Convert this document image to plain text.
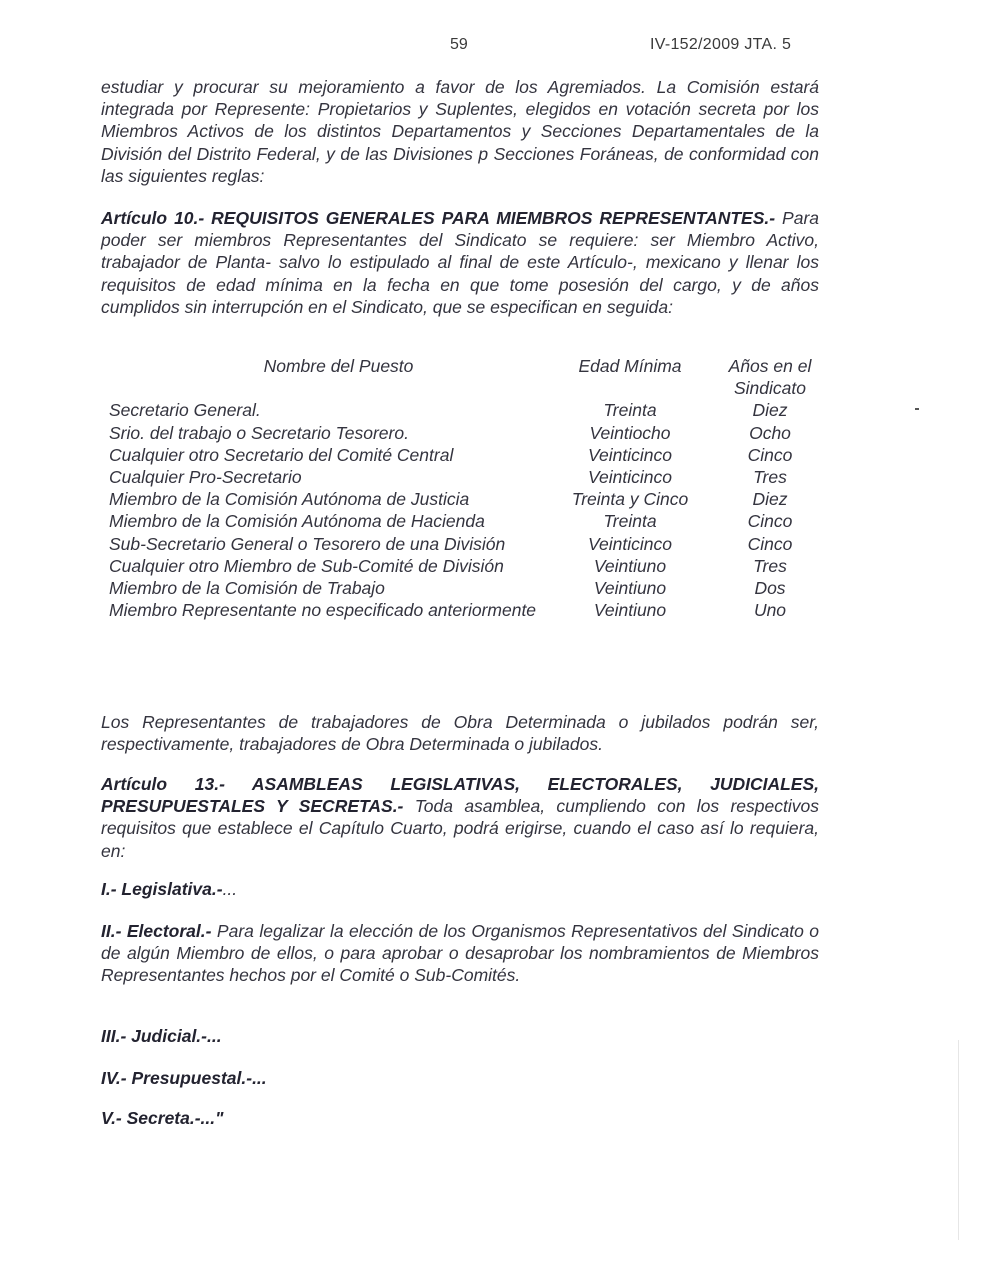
59	IV-152/2009 JTA. 5
estudiar y procurar su mejoramiento a favor de los Agremiados. La Comisión estará integrada por Represente: Propietarios y Suplentes, elegidos en votación secreta por los Miembros Activos de los distintos Departamentos y Secciones Departamentales de la División del Distrito Federal, y de las Divisiones p Secciones Foráneas, de conformidad con las siguientes reglas:
Artículo 10.- REQUISITOS GENERALES PARA MIEMBROS REPRESENTANTES.- Para poder ser miembros Representantes del Sindicato se requiere: ser Miembro Activo, trabajador de Planta- salvo lo estipulado al final de este Artículo-, mexicano y llenar los requisitos de edad mínima en la fecha en que tome posesión del cargo, y de años cumplidos sin interrupción en el Sindicato, que se especifican en seguida:
Nombre del Puesto	Edad Mínima	Años en el Sindicato
Secretario General.	Treinta	Diez
Srio. del trabajo o Secretario Tesorero.	Veintiocho	Ocho
Cualquier otro Secretario del Comité Central	Veinticinco	Cinco
Cualquier Pro-Secretario	Veinticinco	Tres
Miembro de la Comisión Autónoma de Justicia	Treinta y Cinco	Diez
Miembro de la Comisión Autónoma de Hacienda	Treinta	Cinco
Sub-Secretario General o Tesorero de una División	Veinticinco	Cinco
Cualquier otro Miembro de Sub-Comité de División	Veintiuno	Tres
Miembro de la Comisión de Trabajo	Veintiuno	Dos
Miembro Representante no especificado anteriormente	Veintiuno	Uno
Los Representantes de trabajadores de Obra Determinada o jubilados podrán ser, respectivamente, trabajadores de Obra Determinada o jubilados.
Artículo 13.- ASAMBLEAS LEGISLATIVAS, ELECTORALES, JUDICIALES, PRESUPUESTALES Y SECRETAS.- Toda asamblea, cumpliendo con los respectivos requisitos que establece el Capítulo Cuarto, podrá erigirse, cuando el caso así lo requiera, en:
I.- Legislativa.-...
II.- Electoral.- Para legalizar la elección de los Organismos Representativos del Sindicato o de algún Miembro de ellos, o para aprobar o desaprobar los nombramientos de Miembros Representantes hechos por el Comité o Sub-Comités.
III.- Judicial.-...
IV.- Presupuestal.-...
V.- Secreta.-..."
